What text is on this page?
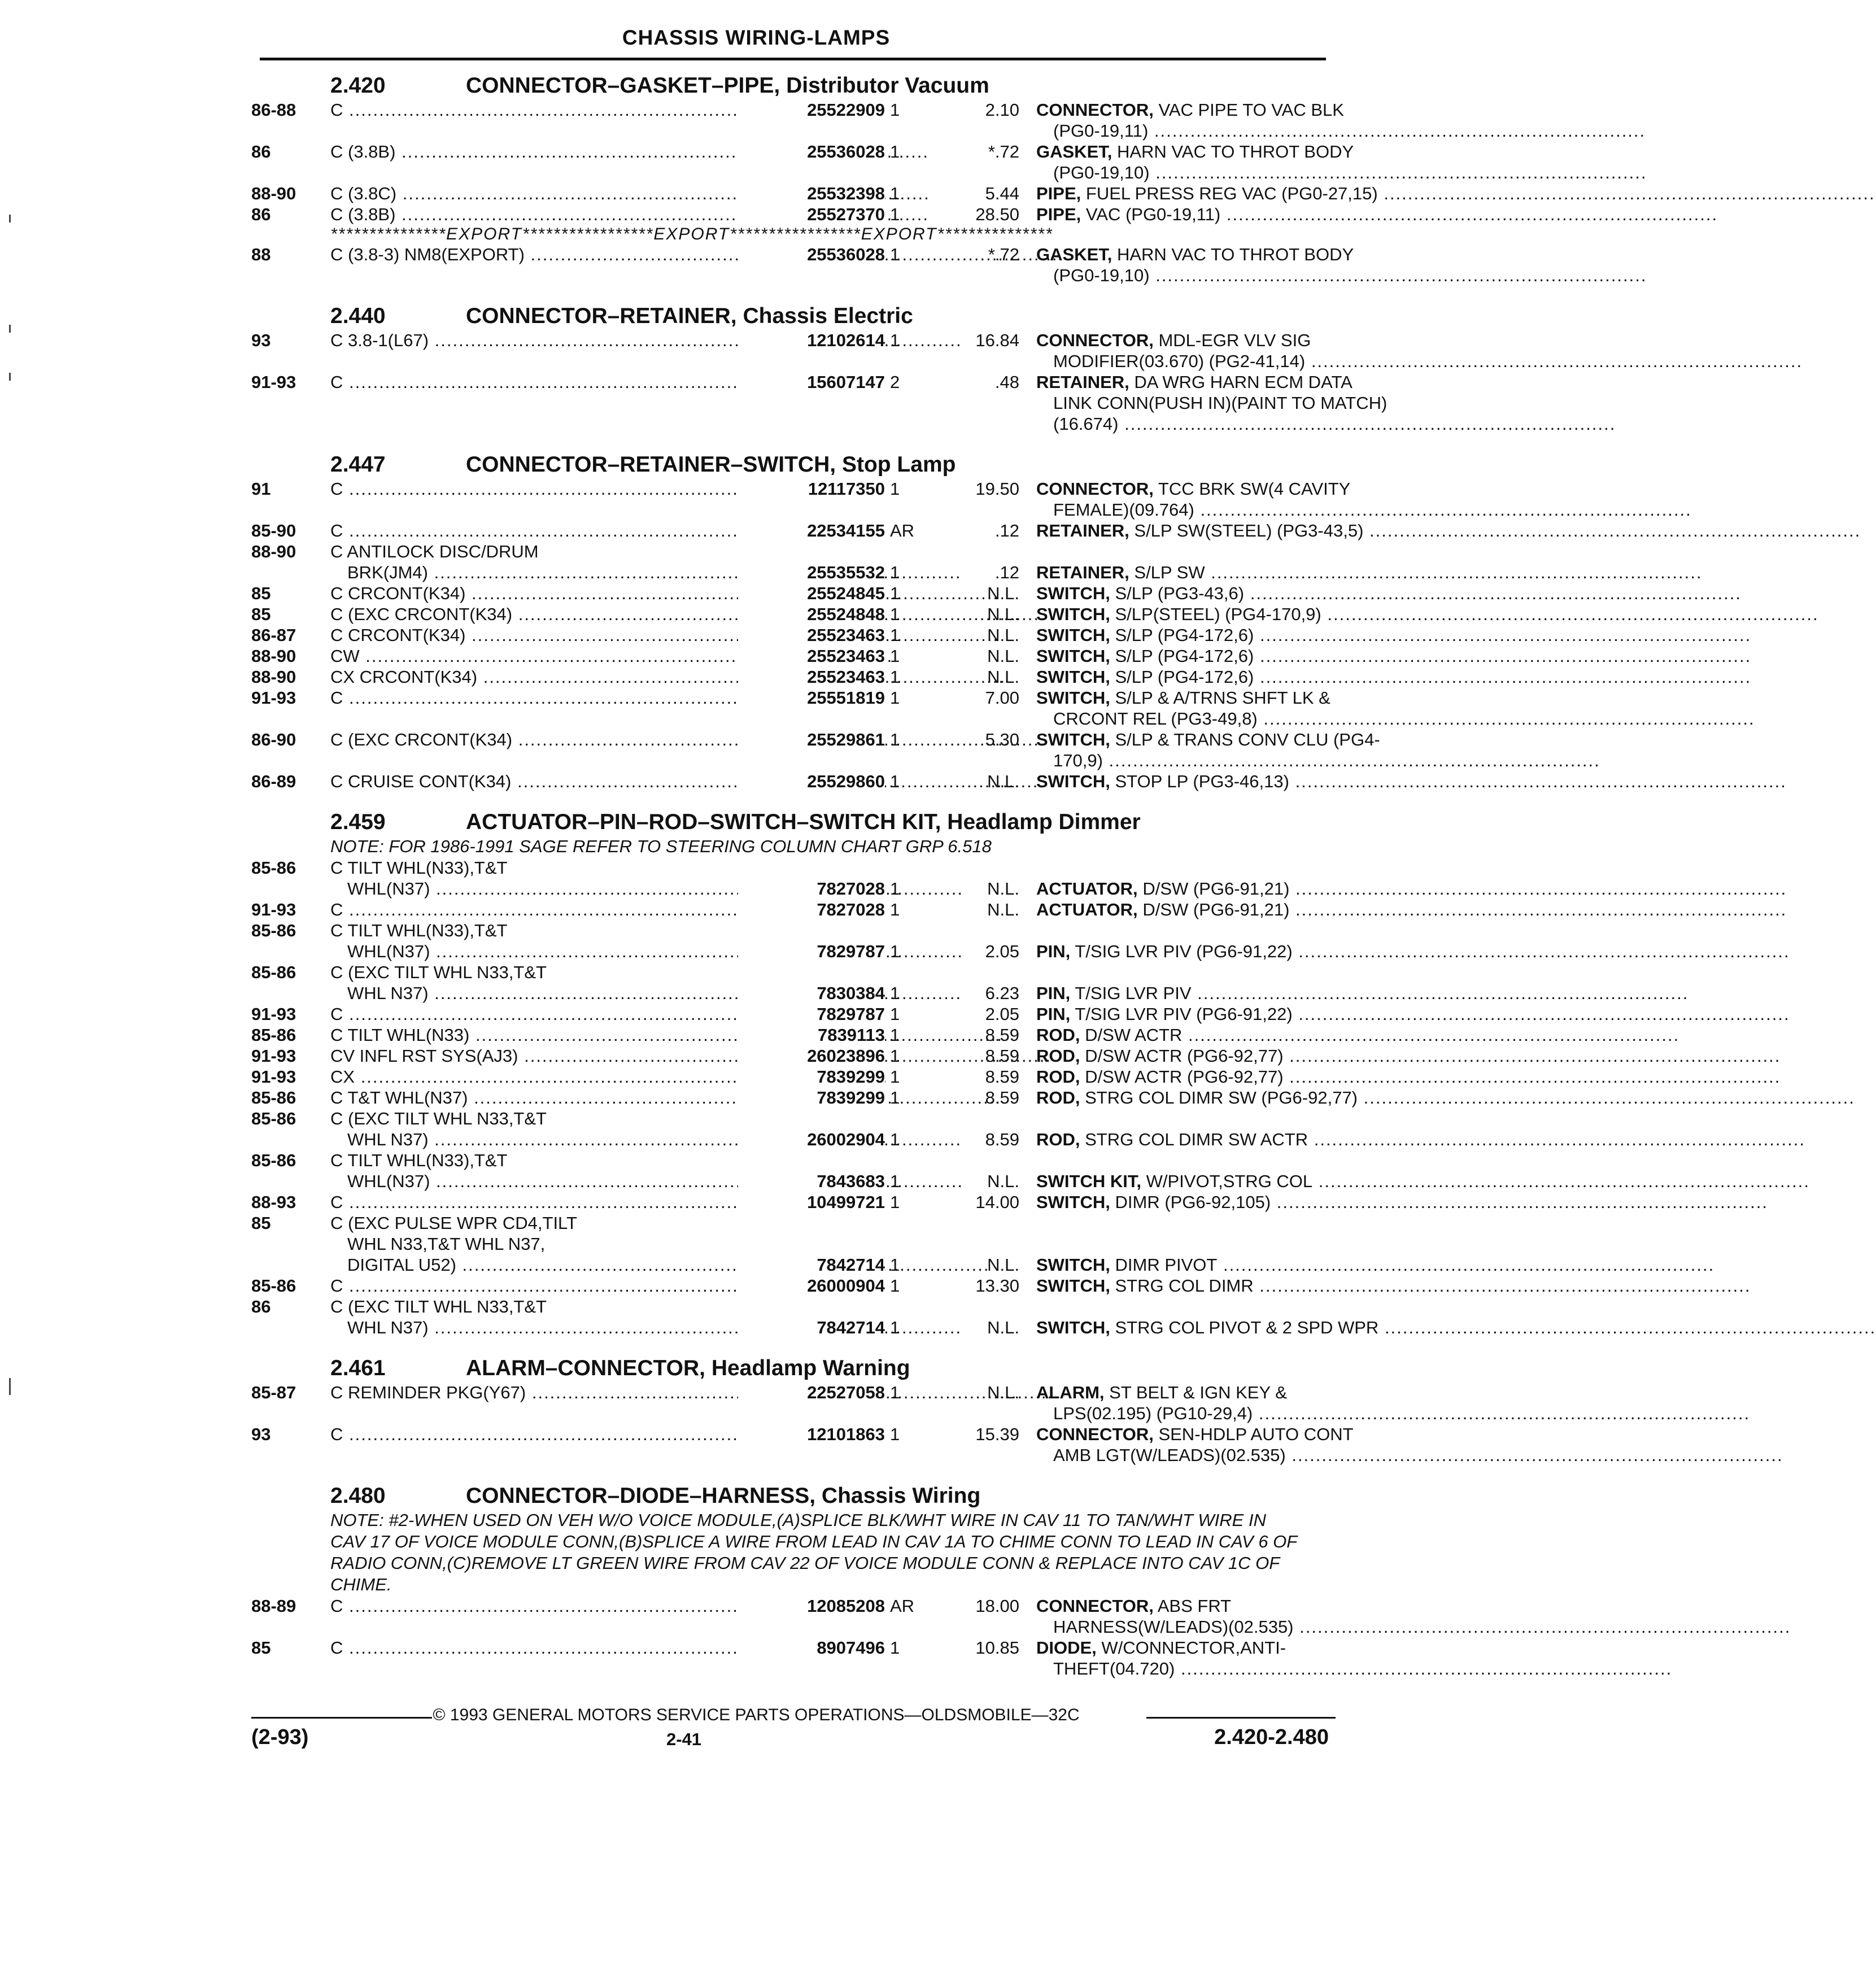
CHASSIS WIRING-LAMPS
2.420	CONNECTOR–GASKET–PIPE, Distributor Vacuum
86-88	C .....	25522909 1	2.10 CONNECTOR, VAC PIPE TO VAC BLK
(PG0-19,11) .....
86	C (3.8B) .....	25536028 1	*.72 GASKET, HARN VAC TO THROT BODY
(PG0-19,10) .....
88-90	C (3.8C) .....	25532398 1	5.44 PIPE, FUEL PRESS REG VAC (PG0-27,15) .....
86	C (3.8B) .....	25527370 1	28.50 PIPE, VAC (PG0-19,11) .....
***************EXPORT*****************EXPORT*****************EXPORT***************
88	C (3.8-3) NM8(EXPORT) .....	25536028 1	*.72 GASKET, HARN VAC TO THROT BODY
(PG0-19,10) .....
2.440	CONNECTOR–RETAINER, Chassis Electric
93	C 3.8-1(L67) .....	12102614 1	16.84 CONNECTOR, MDL-EGR VLV SIG
MODIFIER(03.670) (PG2-41,14) .....
91-93	C .....	15607147 2	.48 RETAINER, DA WRG HARN ECM DATA
LINK CONN(PUSH IN)(PAINT TO MATCH)
(16.674) .....
2.447	CONNECTOR–RETAINER–SWITCH, Stop Lamp
91	C .....	12117350 1	19.50 CONNECTOR, TCC BRK SW(4 CAVITY
FEMALE)(09.764) .....
85-90	C .....	22534155 AR	.12 RETAINER, S/LP SW(STEEL) (PG3-43,5) .....
88-90	C ANTILOCK DISC/DRUM
BRK(JM4) .....	25535532 1	.12 RETAINER, S/LP SW .....
85	C CRCONT(K34) .....	25524845 1	N.L. SWITCH, S/LP (PG3-43,6) .....
85	C (EXC CRCONT(K34) .....	25524848 1	N.L. SWITCH, S/LP(STEEL) (PG4-170,9) .....
86-87	C CRCONT(K34) .....	25523463 1	N.L. SWITCH, S/LP (PG4-172,6) .....
88-90	CW .....	25523463 1	N.L. SWITCH, S/LP (PG4-172,6) .....
88-90	CX CRCONT(K34) .....	25523463 1	N.L. SWITCH, S/LP (PG4-172,6) .....
91-93	C .....	25551819 1	7.00 SWITCH, S/LP & A/TRNS SHFT LK &
CRCONT REL (PG3-49,8) .....
86-90	C (EXC CRCONT(K34) .....	25529861 1	5.30 SWITCH, S/LP & TRANS CONV CLU (PG4-
170,9) .....
86-89	C CRUISE CONT(K34) .....	25529860 1	N.L. SWITCH, STOP LP (PG3-46,13) .....
2.459	ACTUATOR–PIN–ROD–SWITCH–SWITCH KIT, Headlamp Dimmer
NOTE: FOR 1986-1991 SAGE REFER TO STEERING COLUMN CHART GRP 6.518
85-86	C TILT WHL(N33),T&T
WHL(N37) .....	7827028 1	N.L. ACTUATOR, D/SW (PG6-91,21) .....
91-93	C .....	7827028 1	N.L. ACTUATOR, D/SW (PG6-91,21) .....
85-86	C TILT WHL(N33),T&T
WHL(N37) .....	7829787 1	2.05 PIN, T/SIG LVR PIV (PG6-91,22) .....
85-86	C (EXC TILT WHL N33,T&T
WHL N37) .....	7830384 1	6.23 PIN, T/SIG LVR PIV .....
91-93	C .....	7829787 1	2.05 PIN, T/SIG LVR PIV (PG6-91,22) .....
85-86	C TILT WHL(N33) .....	7839113 1	8.59 ROD, D/SW ACTR .....
91-93	CV INFL RST SYS(AJ3) .....	26023896 1	8.59 ROD, D/SW ACTR (PG6-92,77) .....
91-93	CX .....	7839299 1	8.59 ROD, D/SW ACTR (PG6-92,77) .....
85-86	C T&T WHL(N37) .....	7839299 1	8.59 ROD, STRG COL DIMR SW (PG6-92,77) .....
85-86	C (EXC TILT WHL N33,T&T
WHL N37) .....	26002904 1	8.59 ROD, STRG COL DIMR SW ACTR .....
85-86	C TILT WHL(N33),T&T
WHL(N37) .....	7843683 1	N.L. SWITCH KIT, W/PIVOT,STRG COL .....
88-93	C .....	10499721 1	14.00 SWITCH, DIMR (PG6-92,105) .....
85	C (EXC PULSE WPR CD4,TILT
WHL N33,T&T WHL N37,
DIGITAL U52) .....	7842714 1	N.L. SWITCH, DIMR PIVOT .....
85-86	C .....	26000904 1	13.30 SWITCH, STRG COL DIMR .....
86	C (EXC TILT WHL N33,T&T
WHL N37) .....	7842714 1	N.L. SWITCH, STRG COL PIVOT & 2 SPD WPR .....
2.461	ALARM–CONNECTOR, Headlamp Warning
85-87	C REMINDER PKG(Y67) .....	22527058 1	N.L. ALARM, ST BELT & IGN KEY &
LPS(02.195) (PG10-29,4) .....
93	C .....	12101863 1	15.39 CONNECTOR, SEN-HDLP AUTO CONT
AMB LGT(W/LEADS)(02.535) .....
2.480	CONNECTOR–DIODE–HARNESS, Chassis Wiring
NOTE: #2-WHEN USED ON VEH W/O VOICE MODULE,(A)SPLICE BLK/WHT WIRE IN CAV 11 TO TAN/WHT WIRE IN CAV 17 OF VOICE MODULE CONN,(B)SPLICE A WIRE FROM LEAD IN CAV 1A TO CHIME CONN TO LEAD IN CAV 6 OF RADIO CONN,(C)REMOVE LT GREEN WIRE FROM CAV 22 OF VOICE MODULE CONN & REPLACE INTO CAV 1C OF CHIME.
88-89	C .....	12085208 AR	18.00 CONNECTOR, ABS FRT
HARNESS(W/LEADS)(02.535) .....
85	C .....	8907496 1	10.85 DIODE, W/CONNECTOR,ANTI-
THEFT(04.720) .....
© 1993 GENERAL MOTORS SERVICE PARTS OPERATIONS—OLDSMOBILE—32C
(2-93)	2-41	2.420-2.480
